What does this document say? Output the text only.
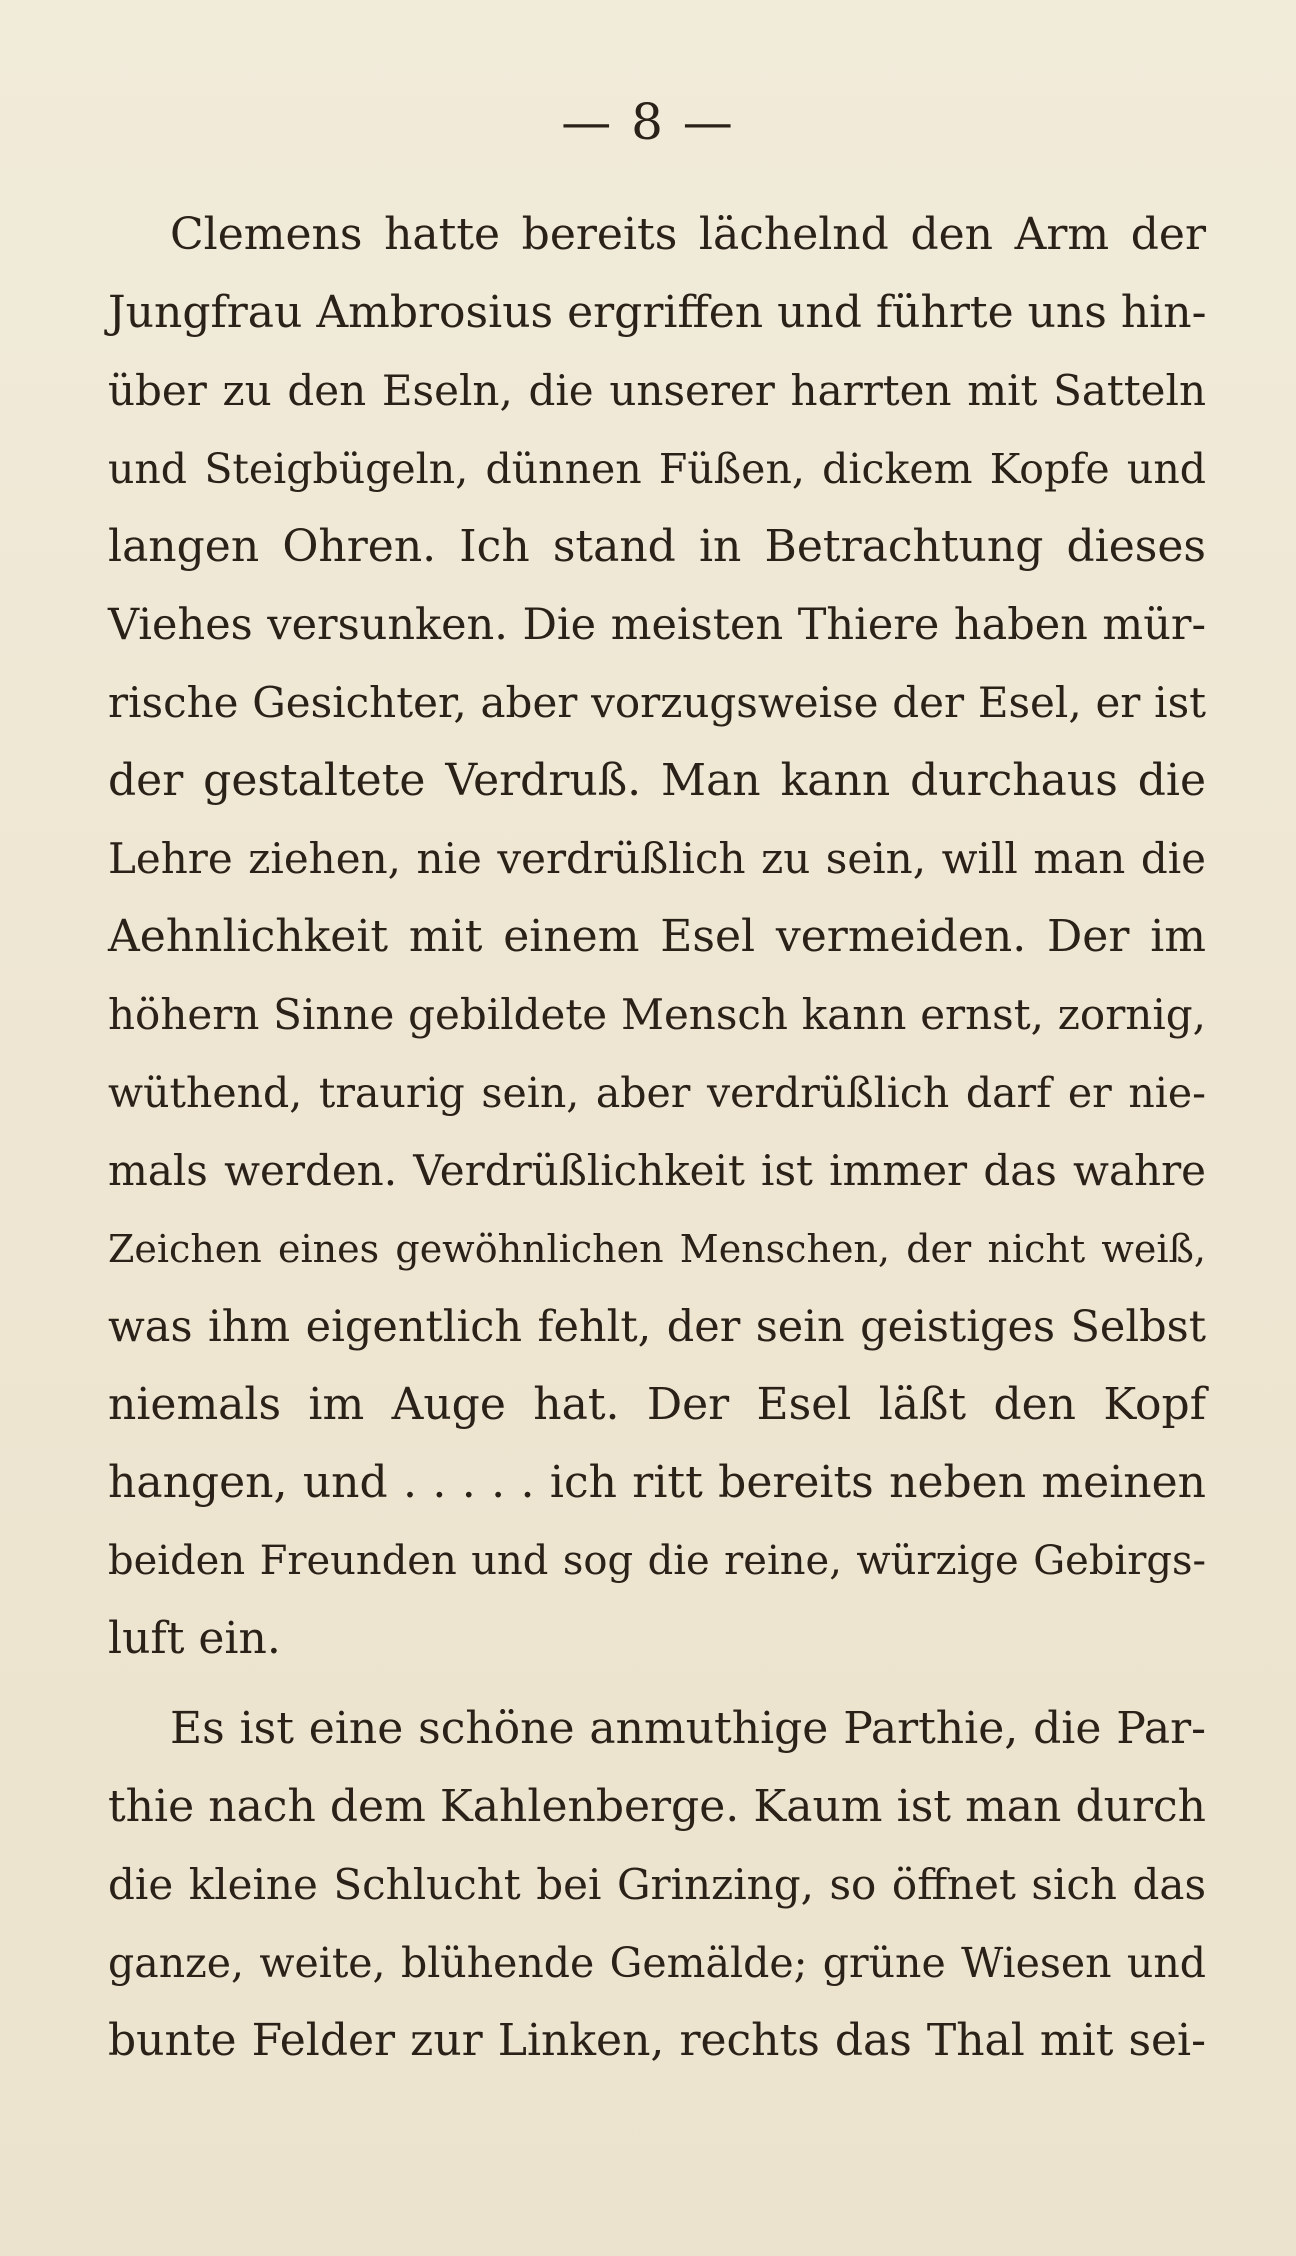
— 8 —
Clemens hatte bereits lächelnd den Arm der
Jungfrau Ambrosius ergriffen und führte uns hin-
über zu den Eseln, die unserer harrten mit Satteln
und Steigbügeln, dünnen Füßen, dickem Kopfe und
langen Ohren. Ich stand in Betrachtung dieses
Viehes versunken. Die meisten Thiere haben mür-
rische Gesichter, aber vorzugsweise der Esel, er ist
der gestaltete Verdruß. Man kann durchaus die
Lehre ziehen, nie verdrüßlich zu sein, will man die
Aehnlichkeit mit einem Esel vermeiden. Der im
höhern Sinne gebildete Mensch kann ernst, zornig,
wüthend, traurig sein, aber verdrüßlich darf er nie-
mals werden. Verdrüßlichkeit ist immer das wahre
Zeichen eines gewöhnlichen Menschen, der nicht weiß,
was ihm eigentlich fehlt, der sein geistiges Selbst
niemals im Auge hat. Der Esel läßt den Kopf
hangen, und . . . . . ich ritt bereits neben meinen
beiden Freunden und sog die reine, würzige Gebirgs-
luft ein.
Es ist eine schöne anmuthige Parthie, die Par-
thie nach dem Kahlenberge. Kaum ist man durch
die kleine Schlucht bei Grinzing, so öffnet sich das
ganze, weite, blühende Gemälde; grüne Wiesen und
bunte Felder zur Linken, rechts das Thal mit sei-
